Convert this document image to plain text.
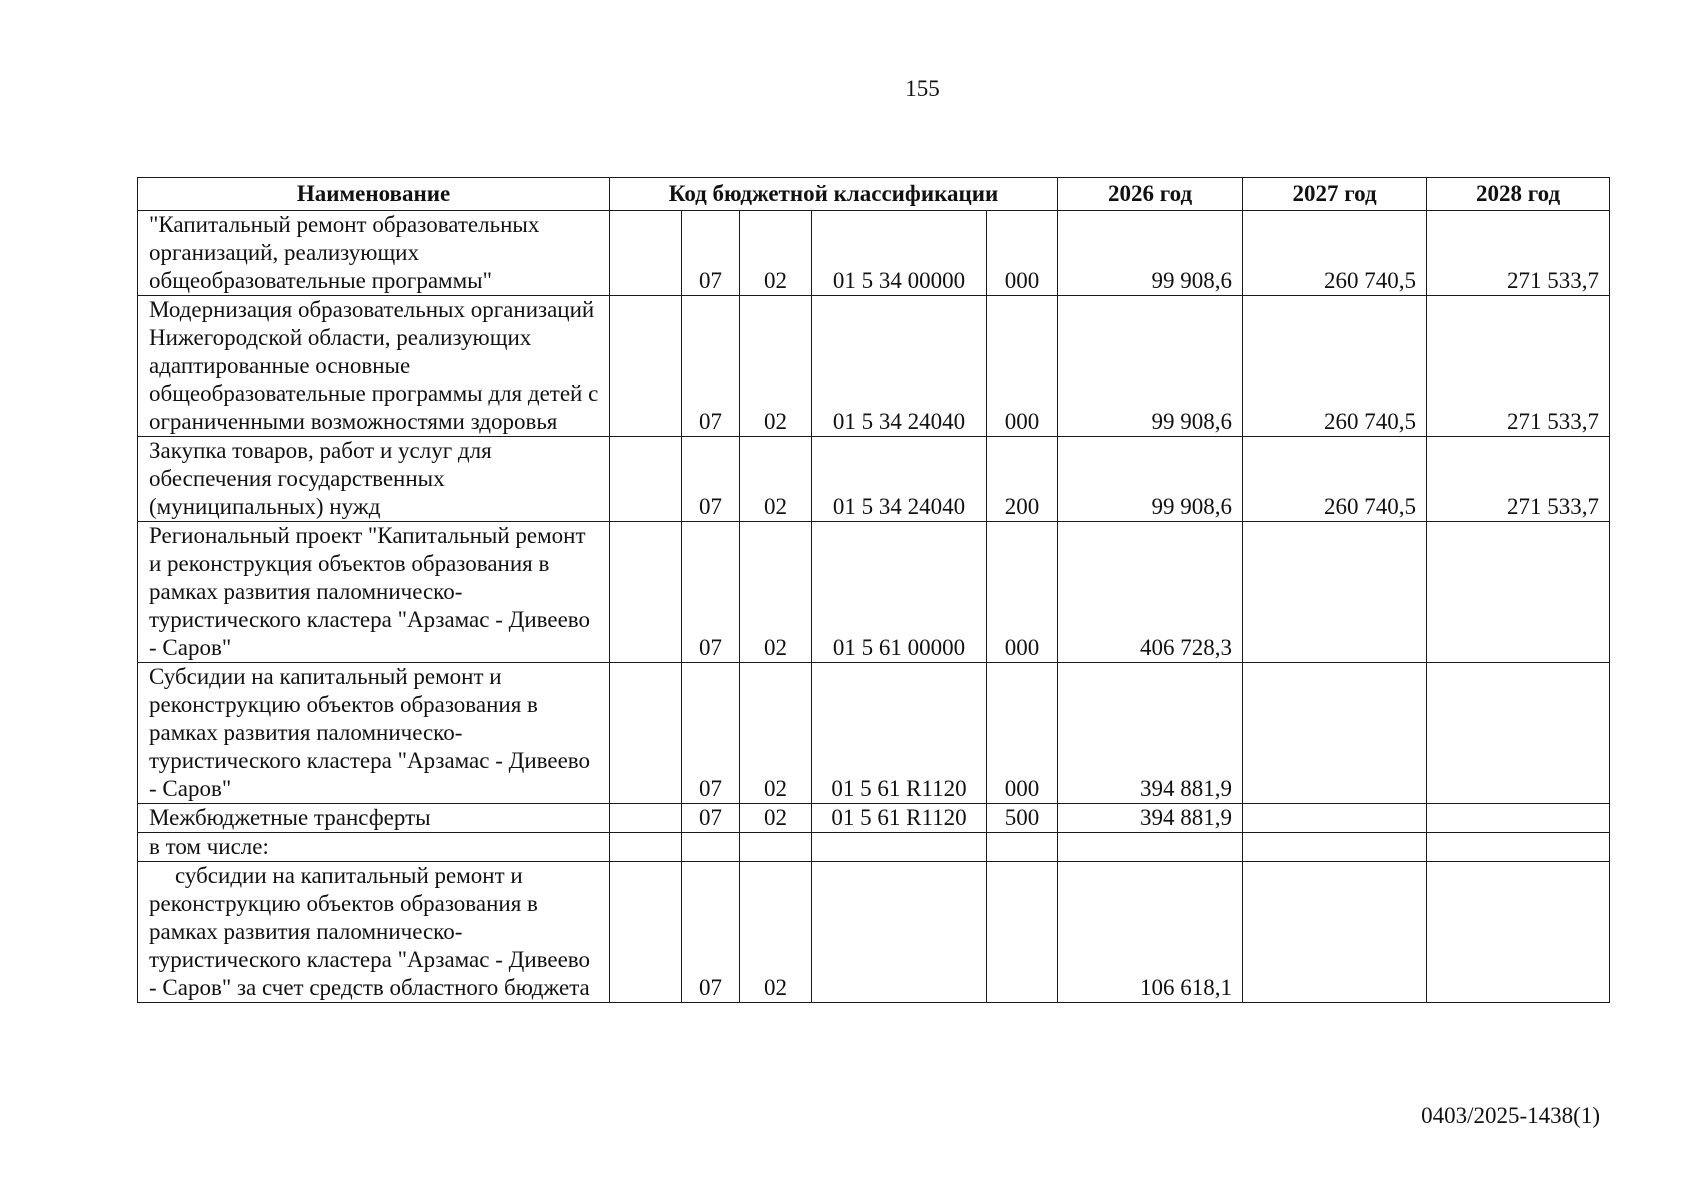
155
Наименование	Код бюджетной классификации					2026 год	2027 год	2028 год
"Капитальный ремонт образовательных организаций, реализующих общеобразовательные программы"		07	02	01 5 34 00000	000	99 908,6	260 740,5	271 533,7
Модернизация образовательных организаций Нижегородской области, реализующих адаптированные основные общеобразовательные программы для детей с ограниченными возможностями здоровья		07	02	01 5 34 24040	000	99 908,6	260 740,5	271 533,7
Закупка товаров, работ и услуг для обеспечения государственных (муниципальных) нужд		07	02	01 5 34 24040	200	99 908,6	260 740,5	271 533,7
Региональный проект "Капитальный ремонт и реконструкция объектов образования в рамках развития паломническо-туристического кластера "Арзамас - Дивеево - Саров"		07	02	01 5 61 00000	000	406 728,3		
Субсидии на капитальный ремонт и реконструкцию объектов образования в рамках развития паломническо-туристического кластера "Арзамас - Дивеево - Саров"		07	02	01 5 61 R1120	000	394 881,9		
Межбюджетные трансферты		07	02	01 5 61 R1120	500	394 881,9		
в том числе:								
субсидии на капитальный ремонт и реконструкцию объектов образования в рамках развития паломническо-туристического кластера "Арзамас - Дивеево - Саров" за счет средств областного бюджета		07	02			106 618,1		
0403/2025-1438(1)
